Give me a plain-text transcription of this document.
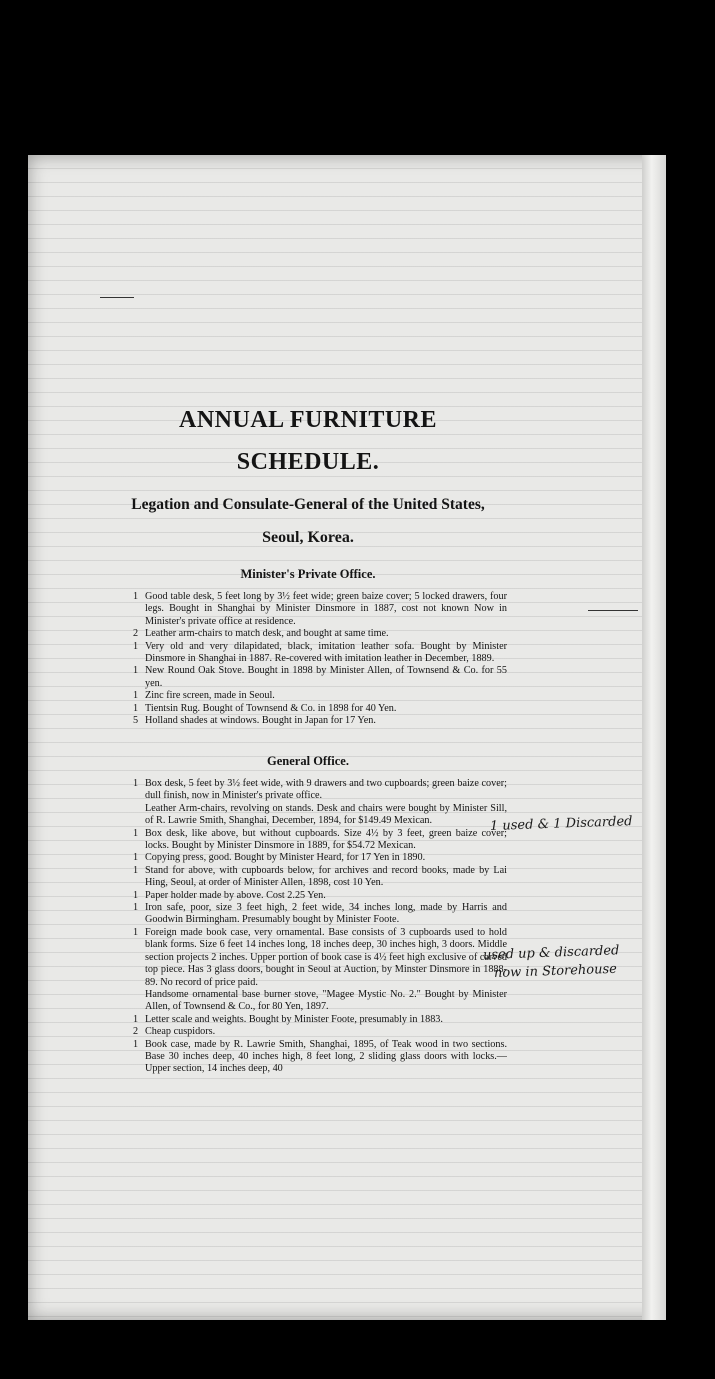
ANNUAL FURNITURE
SCHEDULE.
Legation and Consulate-General of the United States,
Seoul, Korea.
Minister's Private Office.
1 Good table desk, 5 feet long by 3½ feet wide; green baize cover; 5 locked drawers, four legs. Bought in Shanghai by Minister Dinsmore in 1887, cost not known Now in Minister's private office at residence.
2 Leather arm-chairs to match desk, and bought at same time.
1 Very old and very dilapidated, black, imitation leather sofa. Bought by Minister Dinsmore in Shanghai in 1887. Re-covered with imitation leather in December, 1889.
1 New Round Oak Stove. Bought in 1898 by Minister Allen, of Townsend & Co. for 55 yen.
1 Zinc fire screen, made in Seoul.
1 Tientsin Rug. Bought of Townsend & Co. in 1898 for 40 Yen.
5 Holland shades at windows. Bought in Japan for 17 Yen.
General Office.
1 Box desk, 5 feet by 3½ feet wide, with 9 drawers and two cupboards; green baize cover; dull finish, now in Minister's private office.
Leather Arm-chairs, revolving on stands. Desk and chairs were bought by Minister Sill, of R. Lawrie Smith, Shanghai, December, 1894, for $149.49 Mexican.
1 Box desk, like above, but without cupboards. Size 4½ by 3 feet, green baize cover; locks. Bought by Minister Dinsmore in 1889, for $54.72 Mexican.
1 Copying press, good. Bought by Minister Heard, for 17 Yen in 1890.
1 Stand for above, with cupboards below, for archives and record books, made by Lai Hing, Seoul, at order of Minister Allen, 1898, cost 10 Yen.
1 Paper holder made by above. Cost 2.25 Yen.
1 Iron safe, poor, size 3 feet high, 2 feet wide, 34 inches long, made by Harris and Goodwin Birmingham. Presumably bought by Minister Foote.
1 Foreign made book case, very ornamental. Base consists of 3 cupboards used to hold blank forms. Size 6 feet 14 inches long, 18 inches deep, 30 inches high, 3 doors. Middle section projects 2 inches. Upper portion of book case is 4½ feet high exclusive of carved top piece. Has 3 glass doors, bought in Seoul at Auction, by Minster Dinsmore in 1888-89. No record of price paid.
Handsome ornamental base burner stove, "Magee Mystic No. 2." Bought by Minister Allen, of Townsend & Co., for 80 Yen, 1897.
1 Letter scale and weights. Bought by Minister Foote, presumably in 1883.
2 Cheap cuspidors.
1 Book case, made by R. Lawrie Smith, Shanghai, 1895, of Teak wood in two sections. Base 30 inches deep, 40 inches high, 8 feet long, 2 sliding glass doors with locks.—Upper section, 14 inches deep, 40
1 used & 1 Discarded
used up & discarded
now in Storehouse
